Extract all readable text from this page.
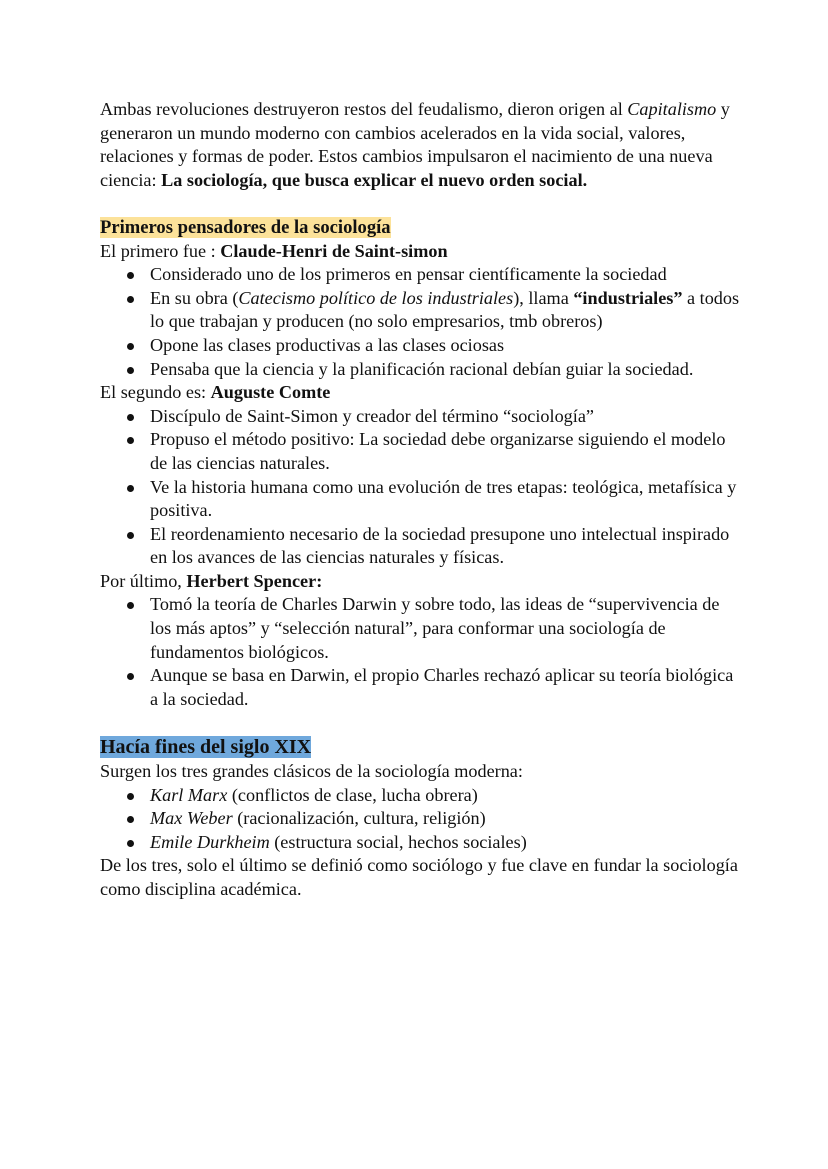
Ambas revoluciones destruyeron restos del feudalismo, dieron origen al Capitalismo y generaron un mundo moderno con cambios acelerados en la vida social, valores, relaciones y formas de poder. Estos cambios impulsaron el nacimiento de una nueva ciencia: La sociología, que busca explicar el nuevo orden social.

Primeros pensadores de la sociología

El primero fue : Claude-Henri de Saint-simon

Considerado uno de los primeros en pensar científicamente la sociedad
En su obra (Catecismo político de los industriales), llama “industriales” a todos lo que trabajan y producen (no solo empresarios, tmb obreros)
Opone las clases productivas a las clases ociosas
Pensaba que la ciencia y la planificación racional debían guiar la sociedad.

El segundo es: Auguste Comte

Discípulo de Saint-Simon y creador del término “sociología”
Propuso el método positivo: La sociedad debe organizarse siguiendo el modelo de las ciencias naturales.
Ve la historia humana como una evolución de tres etapas: teológica, metafísica y positiva.
El reordenamiento necesario de la sociedad presupone uno intelectual inspirado en los avances de las ciencias naturales y físicas.

Por último, Herbert Spencer:

Tomó la teoría de Charles Darwin y sobre todo, las ideas de “supervivencia de los más aptos” y “selección natural”, para conformar una sociología de fundamentos biológicos.
Aunque se basa en Darwin, el propio Charles rechazó aplicar su teoría biológica a la sociedad.

Hacía fines del siglo XIX

Surgen los tres grandes clásicos de la sociología moderna:

Karl Marx (conflictos de clase, lucha obrera)
Max Weber (racionalización, cultura, religión)
Emile Durkheim (estructura social, hechos sociales)

De los tres, solo el último se definió como sociólogo y fue clave en fundar la sociología como disciplina académica.
